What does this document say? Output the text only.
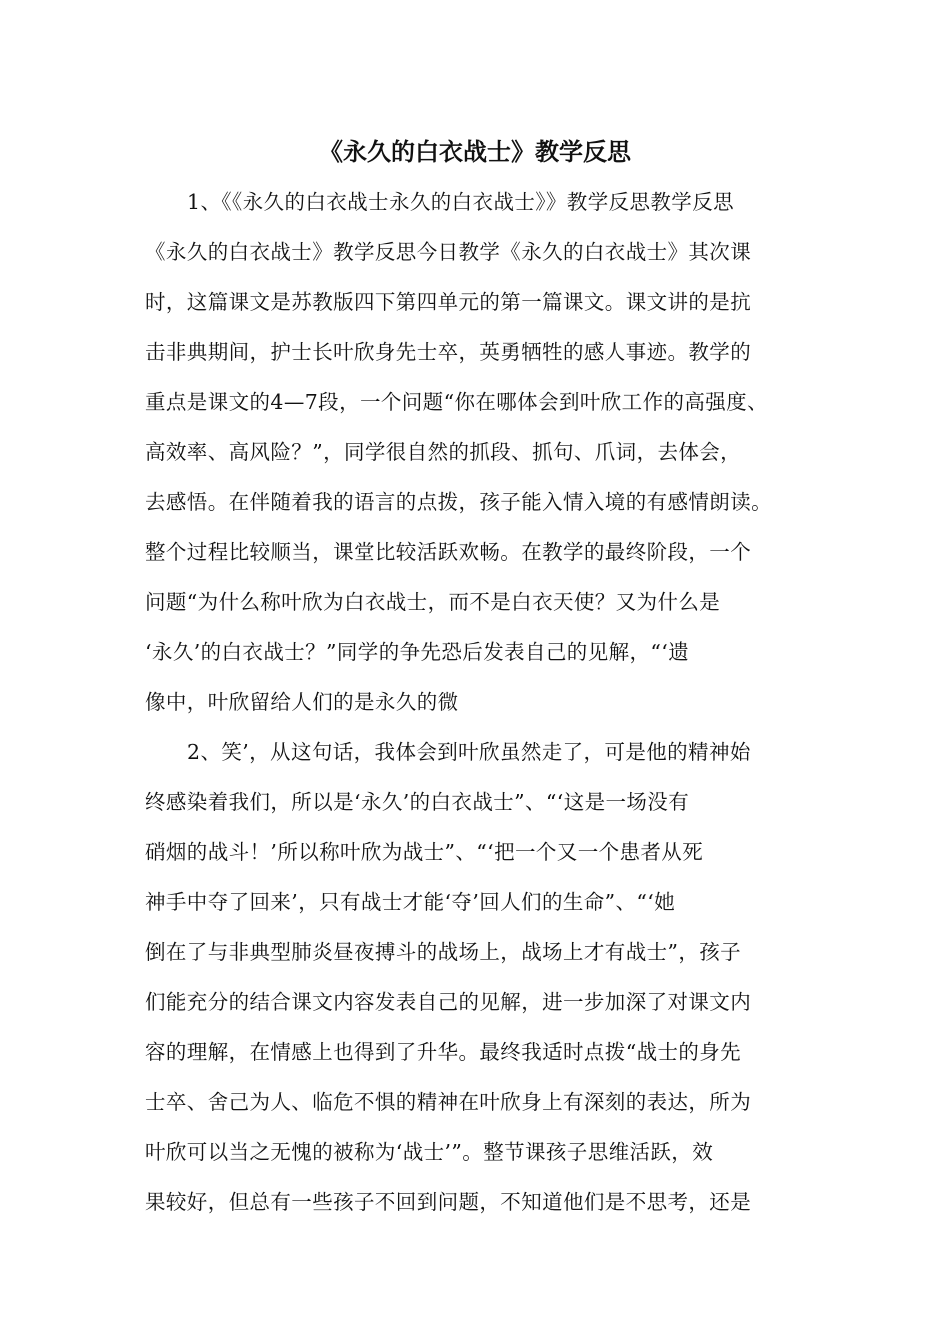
《永久的白衣战士》教学反思
1、《《永久的白衣战士永久的白衣战士》》教学反思教学反思
《永久的白衣战士》教学反思今日教学《永久的白衣战士》其次课
时，这篇课文是苏教版四下第四单元的第一篇课文。课文讲的是抗
击非典期间，护士长叶欣身先士卒，英勇牺牲的感人事迹。教学的
重点是课文的4—7段，一个问题“你在哪体会到叶欣工作的高强度、
高效率、高风险？”，同学很自然的抓段、抓句、爪词，去体会，
去感悟。在伴随着我的语言的点拨，孩子能入情入境的有感情朗读。
整个过程比较顺当，课堂比较活跃欢畅。在教学的最终阶段，一个
问题“为什么称叶欣为白衣战士，而不是白衣天使？又为什么是
‘永久’的白衣战士？”同学的争先恐后发表自己的见解，“‘遗
像中，叶欣留给人们的是永久的微
2、笑’，从这句话，我体会到叶欣虽然走了，可是他的精神始
终感染着我们，所以是‘永久’的白衣战士”、“‘这是一场没有
硝烟的战斗！’所以称叶欣为战士”、“‘把一个又一个患者从死
神手中夺了回来’，只有战士才能‘夺’回人们的生命”、“‘她
倒在了与非典型肺炎昼夜搏斗的战场上，战场上才有战士”，孩子
们能充分的结合课文内容发表自己的见解，进一步加深了对课文内
容的理解，在情感上也得到了升华。最终我适时点拨“战士的身先
士卒、舍己为人、临危不惧的精神在叶欣身上有深刻的表达，所为
叶欣可以当之无愧的被称为‘战士’”。整节课孩子思维活跃，效
果较好，但总有一些孩子不回到问题，不知道他们是不思考，还是
